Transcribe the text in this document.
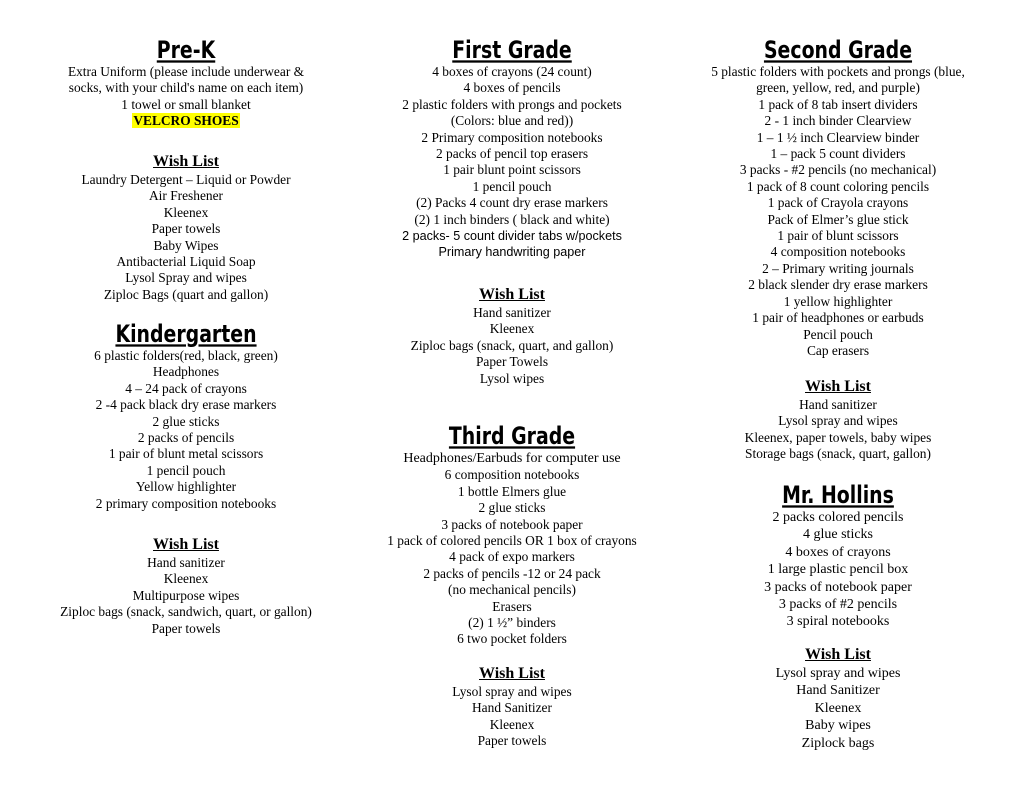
Pre-K
Extra Uniform (please include underwear &
socks, with your child's name on each item)
1 towel or small blanket
VELCRO SHOES
Wish List
Laundry Detergent – Liquid or Powder
Air Freshener
Kleenex
Paper towels
Baby Wipes
Antibacterial Liquid Soap
Lysol Spray and wipes
Ziploc Bags (quart and gallon)
Kindergarten
6 plastic folders(red, black, green)
Headphones
4 – 24 pack of crayons
2 -4 pack black dry erase markers
2 glue sticks
2 packs of pencils
1 pair of blunt metal scissors
1 pencil pouch
Yellow highlighter
2 primary composition notebooks
Wish List
Hand sanitizer
Kleenex
Multipurpose wipes
Ziploc bags (snack, sandwich, quart, or gallon)
Paper towels
First Grade
4 boxes of crayons (24 count)
4 boxes of pencils
2 plastic folders with prongs and pockets
(Colors: blue and red))
2 Primary composition notebooks
2 packs of pencil top erasers
1 pair blunt point scissors
1 pencil pouch
(2) Packs 4 count dry erase markers
(2) 1 inch binders ( black and white)
2 packs- 5 count divider tabs w/pockets
Primary handwriting paper
Wish List
Hand sanitizer
Kleenex
Ziploc bags (snack, quart, and gallon)
Paper Towels
Lysol wipes
Third Grade
Headphones/Earbuds for computer use
6 composition notebooks
1 bottle Elmers glue
2 glue sticks
3 packs of notebook paper
1 pack of colored pencils OR 1 box of crayons
4 pack of expo markers
2 packs of pencils -12 or 24 pack
(no mechanical pencils)
Erasers
(2) 1 ½” binders
6 two pocket folders
Wish List
Lysol spray and wipes
Hand Sanitizer
Kleenex
Paper towels
Second Grade
5 plastic folders with pockets and prongs (blue,
green, yellow, red, and purple)
1 pack of 8 tab insert dividers
2 - 1 inch binder Clearview
1 – 1 ½ inch Clearview binder
1 – pack 5 count dividers
3 packs - #2 pencils (no mechanical)
1 pack of 8 count coloring pencils
1 pack of Crayola crayons
Pack of Elmer’s glue stick
1 pair of blunt scissors
4 composition notebooks
2 – Primary writing journals
2 black slender dry erase markers
1 yellow highlighter
1 pair of headphones or earbuds
Pencil pouch
Cap erasers
Wish List
Hand sanitizer
Lysol spray and wipes
Kleenex, paper towels, baby wipes
Storage bags (snack, quart, gallon)
Mr. Hollins
2 packs colored pencils
4 glue sticks
4 boxes of crayons
1 large plastic pencil box
3 packs of notebook paper
3 packs of #2 pencils
3 spiral notebooks
Wish List
Lysol spray and wipes
Hand Sanitizer
Kleenex
Baby wipes
Ziplock bags
